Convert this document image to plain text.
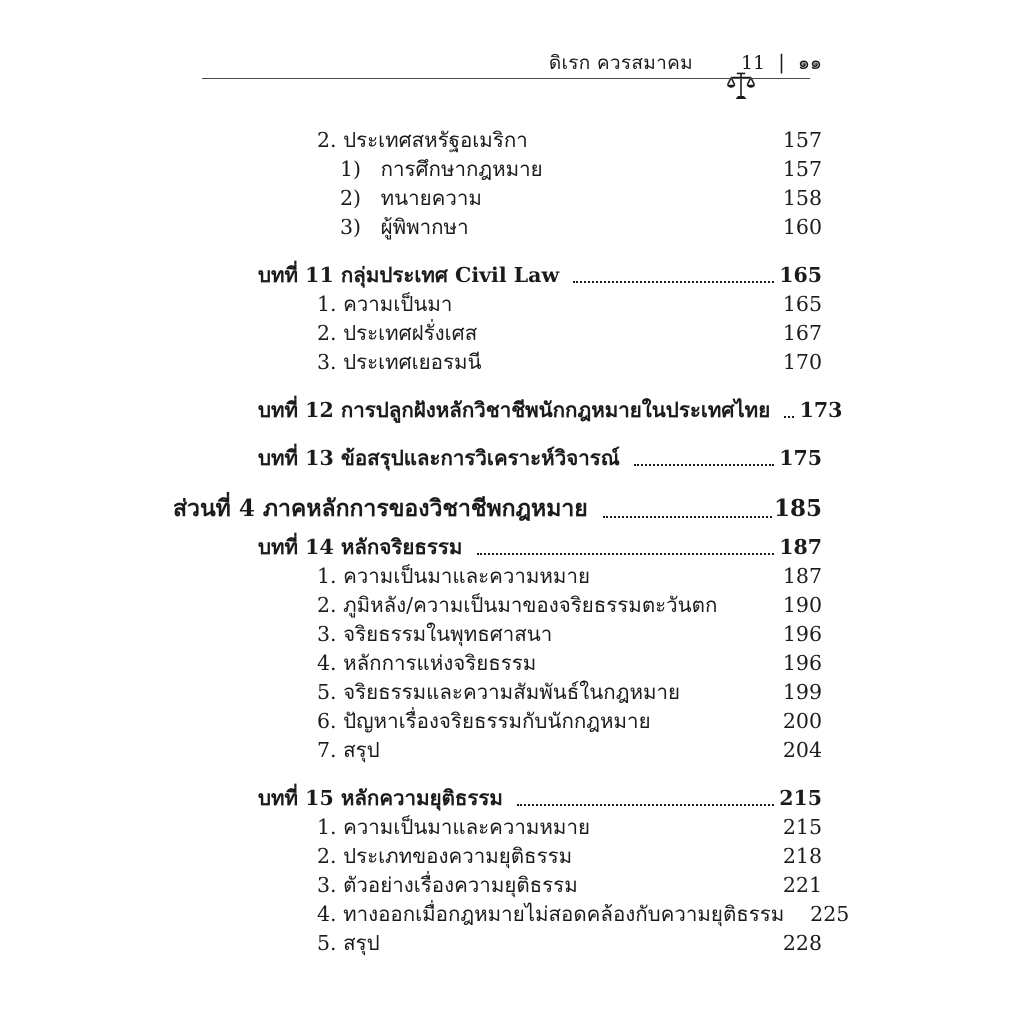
ดิเรก ควรสมาคม

	11 | ๑๑
2. ประเทศสหรัฐอเมริกา	157
1)   การศึกษากฎหมาย	157
2)   ทนายความ	158
3)   ผู้พิพากษา	160
บทที่ 11 กลุ่มประเทศ Civil Law	165
1. ความเป็นมา	165
2. ประเทศฝรั่งเศส	167
3. ประเทศเยอรมนี	170
บทที่ 12 การปลูกฝังหลักวิชาชีพนักกฎหมายในประเทศไทย 173
บทที่ 13 ข้อสรุปและการวิเคราะห์วิจารณ์	175
ส่วนที่ 4 ภาคหลักการของวิชาชีพกฎหมาย	185
บทที่ 14 หลักจริยธรรม	187
1. ความเป็นมาและความหมาย	187
2. ภูมิหลัง/ความเป็นมาของจริยธรรมตะวันตก	190
3. จริยธรรมในพุทธศาสนา	196
4. หลักการแห่งจริยธรรม	196
5. จริยธรรมและความสัมพันธ์ในกฎหมาย	199
6. ปัญหาเรื่องจริยธรรมกับนักกฎหมาย	200
7. สรุป	204
บทที่ 15 หลักความยุติธรรม	215
1. ความเป็นมาและความหมาย	215
2. ประเภทของความยุติธรรม	218
3. ตัวอย่างเรื่องความยุติธรรม	221
4. ทางออกเมื่อกฎหมายไม่สอดคล้องกับความยุติธรรม	225
5. สรุป	228
